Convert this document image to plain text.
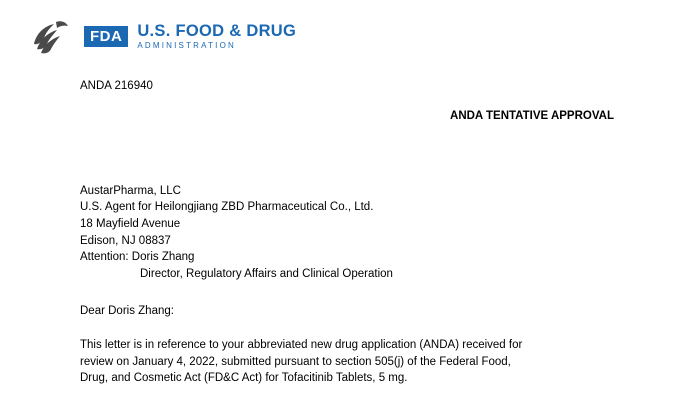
FDA U.S. FOOD & DRUG
ADMINISTRATION

ANDA 216940

ANDA TENTATIVE APPROVAL

AustarPharma, LLC

U.S. Agent for Heilongjiang ZBD Pharmaceutical Co., Ltd.

18 Mayfield Avenue

Edison, NJ 08837

Attention: Doris Zhang

Director, Regulatory Affairs and Clinical Operation

Dear Doris Zhang:

This letter is in reference to your abbreviated new drug application (ANDA) received for
review on January 4, 2022, submitted pursuant to section 505(j) of the Federal Food,
Drug, and Cosmetic Act (FD&C Act) for Tofacitinib Tablets, 5 mg.
